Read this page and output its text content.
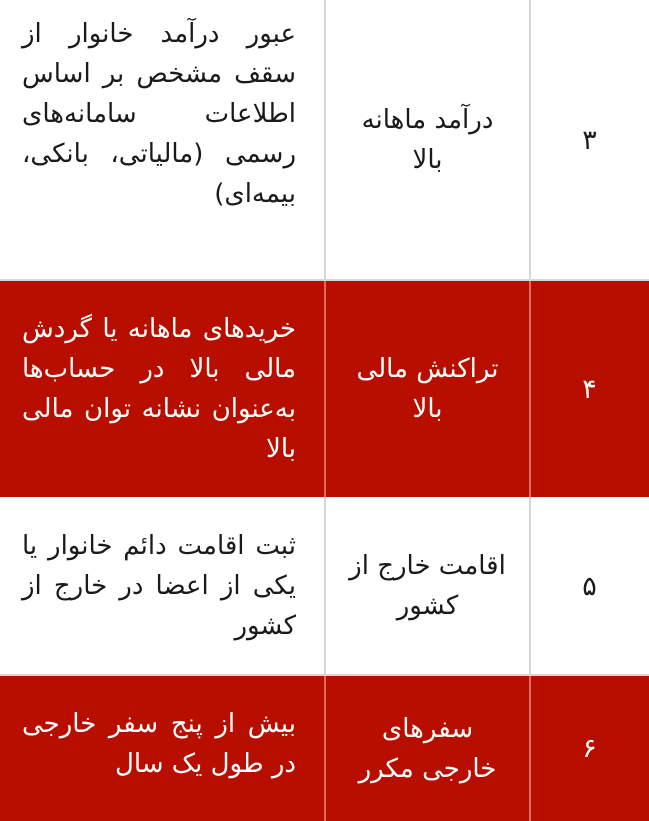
۳
درآمد ماهانه بالا
عبور درآمد خانوار از سقف مشخص بر اساس اطلاعات سامانه‌های رسمی (مالیاتی، بانکی، بیمه‌ای)
۴
تراکنش مالی بالا
خریدهای ماهانه یا گردش مالی بالا در حساب‌ها به‌عنوان نشانه توان مالی بالا
۵
اقامت خارج از کشور
ثبت اقامت دائم خانوار یا یکی از اعضا در خارج از کشور
۶
سفرهای خارجی مکرر
بیش از پنج سفر خارجی در طول یک سال
